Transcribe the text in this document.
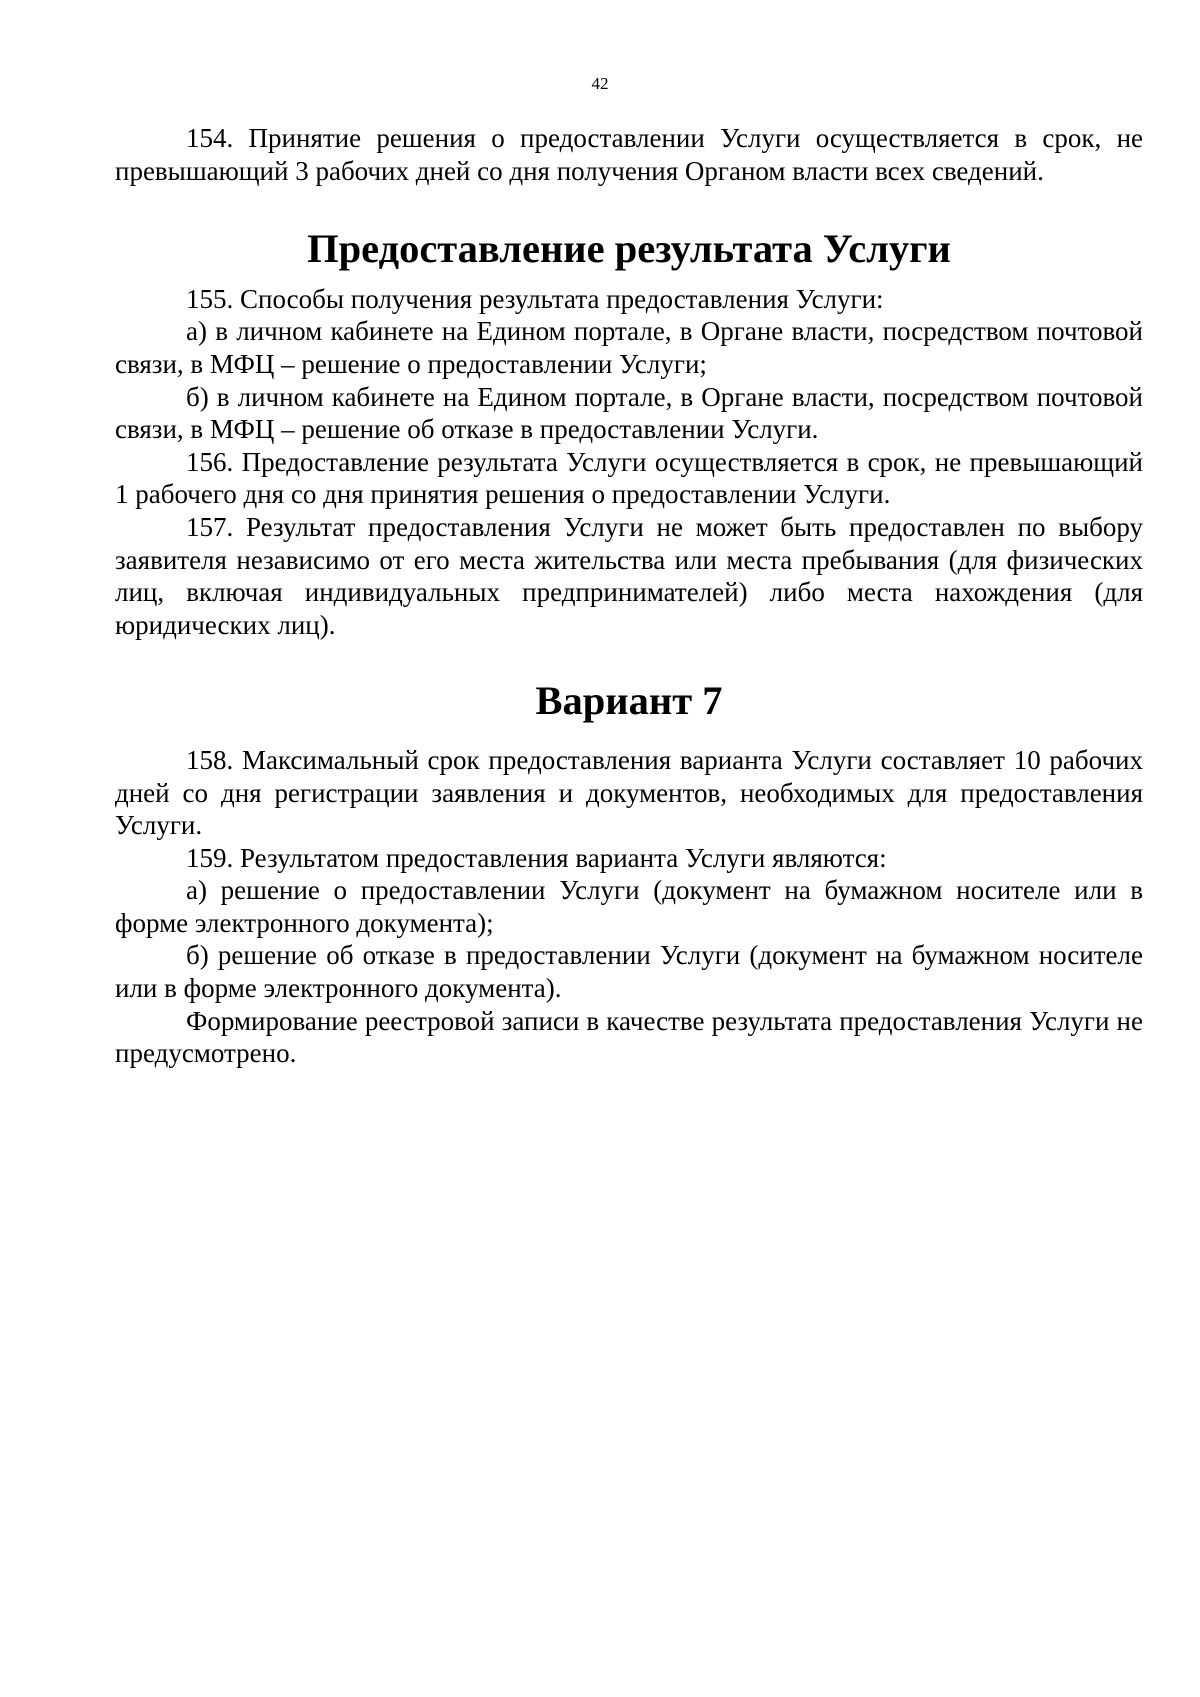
42

154. Принятие решения о предоставлении Услуги осуществляется в срок, не превышающий 3 рабочих дней со дня получения Органом власти всех сведений.

Предоставление результата Услуги

155. Способы получения результата предоставления Услуги:

а) в личном кабинете на Едином портале, в Органе власти, посредством почтовой связи, в МФЦ – решение о предоставлении Услуги;

б) в личном кабинете на Едином портале, в Органе власти, посредством почтовой связи, в МФЦ – решение об отказе в предоставлении Услуги.

156. Предоставление результата Услуги осуществляется в срок, не превышающий 1 рабочего дня со дня принятия решения о предоставлении Услуги.

157. Результат предоставления Услуги не может быть предоставлен по выбору заявителя независимо от его места жительства или места пребывания (для физических лиц, включая индивидуальных предпринимателей) либо места нахождения (для юридических лиц).

Вариант 7

158. Максимальный срок предоставления варианта Услуги составляет 10 рабочих дней со дня регистрации заявления и документов, необходимых для предоставления Услуги.

159. Результатом предоставления варианта Услуги являются:

а) решение о предоставлении Услуги (документ на бумажном носителе или в форме электронного документа);

б) решение об отказе в предоставлении Услуги (документ на бумажном носителе или в форме электронного документа).

Формирование реестровой записи в качестве результата предоставления Услуги не предусмотрено.
